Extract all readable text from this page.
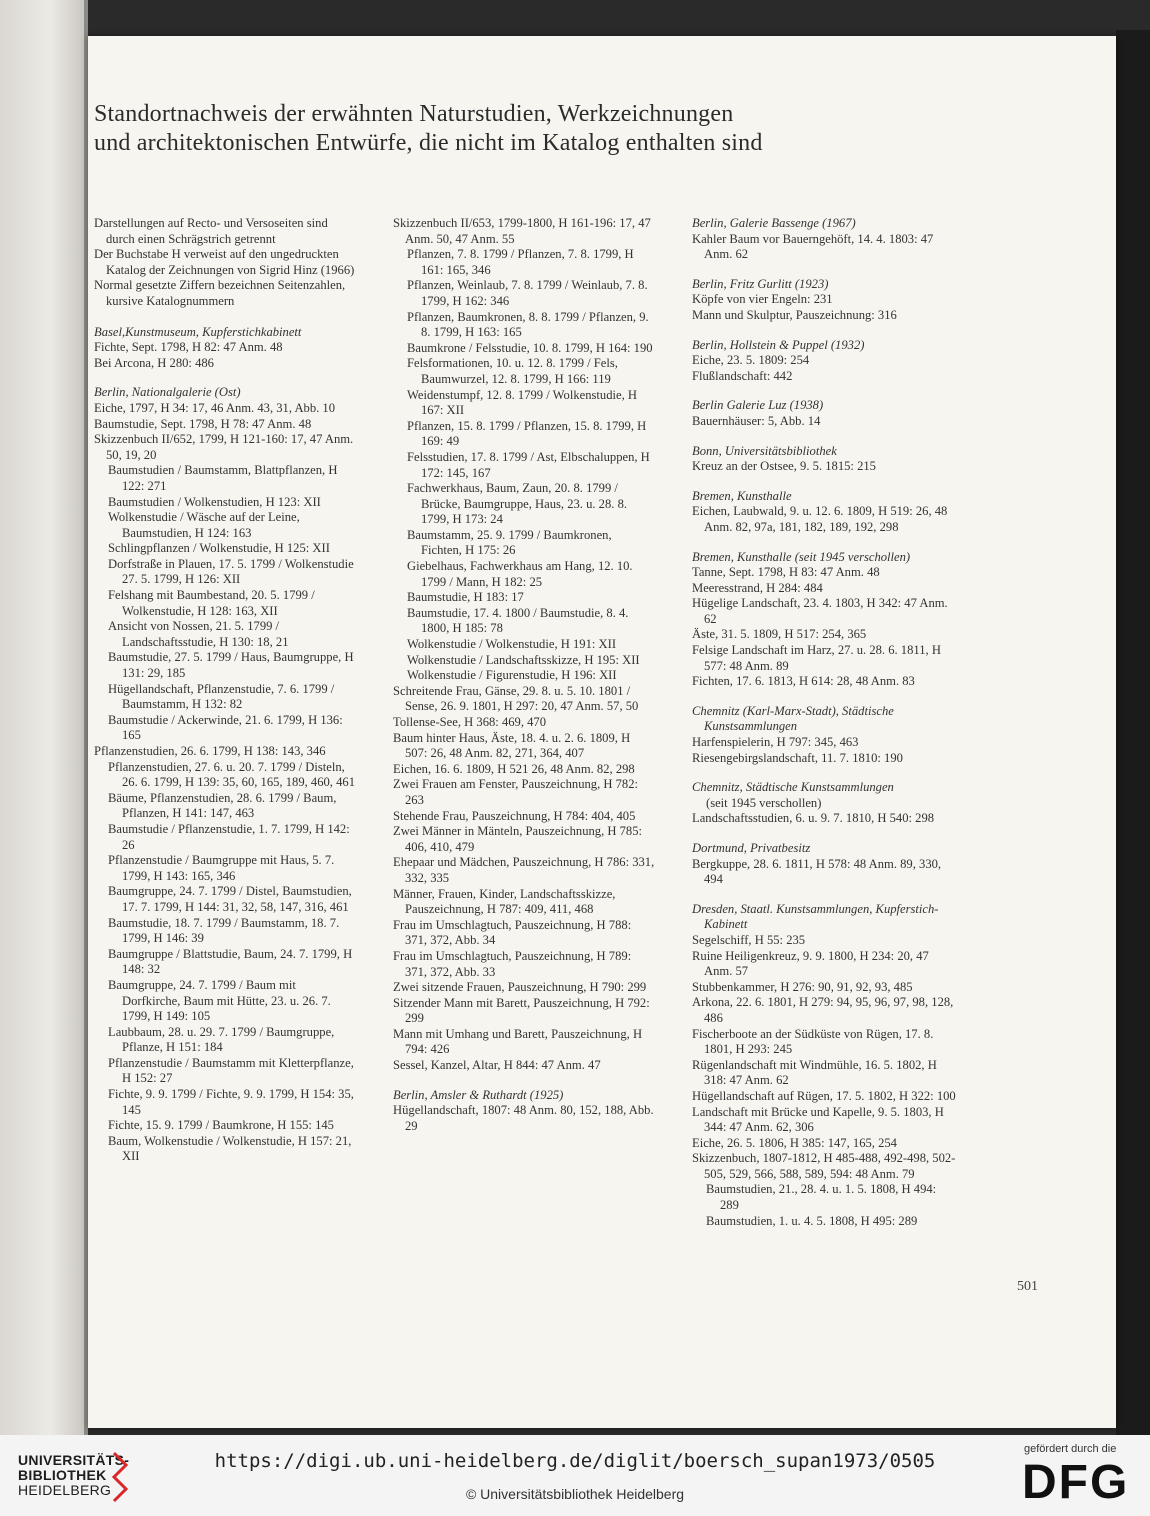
Standortnachweis der erwähnten Naturstudien, Werkzeichnungen
und architektonischen Entwürfe, die nicht im Katalog enthalten sind

Darstellungen auf Recto- und Versoseiten sind durch einen Schrägstrich getrennt

Der Buchstabe H verweist auf den ungedruckten Katalog der Zeichnungen von Sigrid Hinz (1966)

Normal gesetzte Ziffern bezeichnen Seitenzahlen, kursive Katalognummern

Basel,Kunstmuseum, Kupferstichkabinett

Fichte, Sept. 1798, H 82: 47 Anm. 48

Bei Arcona, H 280: 486

Berlin, Nationalgalerie (Ost)

Eiche, 1797, H 34: 17, 46 Anm. 43, 31, Abb. 10

Baumstudie, Sept. 1798, H 78: 47 Anm. 48

Skizzenbuch II/652, 1799, H 121-160: 17, 47 Anm. 50, 19, 20

Baumstudien / Baumstamm, Blattpflanzen, H 122: 271

Baumstudien / Wolkenstudien, H 123: XII

Wolkenstudie / Wäsche auf der Leine, Baumstudien, H 124: 163

Schlingpflanzen / Wolkenstudie, H 125: XII

Dorfstraße in Plauen, 17. 5. 1799 / Wolkenstudie 27. 5. 1799, H 126: XII

Felshang mit Baumbestand, 20. 5. 1799 / Wolkenstudie, H 128: 163, XII

Ansicht von Nossen, 21. 5. 1799 / Landschaftsstudie, H 130: 18, 21

Baumstudie, 27. 5. 1799 / Haus, Baumgruppe, H 131: 29, 185

Hügellandschaft, Pflanzenstudie, 7. 6. 1799 / Baumstamm, H 132: 82

Baumstudie / Ackerwinde, 21. 6. 1799, H 136: 165

Pflanzenstudien, 26. 6. 1799, H 138: 143, 346

Pflanzenstudien, 27. 6. u. 20. 7. 1799 / Disteln, 26. 6. 1799, H 139: 35, 60, 165, 189, 460, 461

Bäume, Pflanzenstudien, 28. 6. 1799 / Baum, Pflanzen, H 141: 147, 463

Baumstudie / Pflanzenstudie, 1. 7. 1799, H 142: 26

Pflanzenstudie / Baumgruppe mit Haus, 5. 7. 1799, H 143: 165, 346

Baumgruppe, 24. 7. 1799 / Distel, Baumstudien, 17. 7. 1799, H 144: 31, 32, 58, 147, 316, 461

Baumstudie, 18. 7. 1799 / Baumstamm, 18. 7. 1799, H 146: 39

Baumgruppe / Blattstudie, Baum, 24. 7. 1799, H 148: 32

Baumgruppe, 24. 7. 1799 / Baum mit Dorfkirche, Baum mit Hütte, 23. u. 26. 7. 1799, H 149: 105

Laubbaum, 28. u. 29. 7. 1799 / Baumgruppe, Pflanze, H 151: 184

Pflanzenstudie / Baumstamm mit Kletterpflanze, H 152: 27

Fichte, 9. 9. 1799 / Fichte, 9. 9. 1799, H 154: 35, 145

Fichte, 15. 9. 1799 / Baumkrone, H 155: 145

Baum, Wolkenstudie / Wolkenstudie, H 157: 21, XII

Skizzenbuch II/653, 1799-1800, H 161-196: 17, 47 Anm. 50, 47 Anm. 55

Pflanzen, 7. 8. 1799 / Pflanzen, 7. 8. 1799, H 161: 165, 346

Pflanzen, Weinlaub, 7. 8. 1799 / Weinlaub, 7. 8. 1799, H 162: 346

Pflanzen, Baumkronen, 8. 8. 1799 / Pflanzen, 9. 8. 1799, H 163: 165

Baumkrone / Felsstudie, 10. 8. 1799, H 164: 190

Felsformationen, 10. u. 12. 8. 1799 / Fels, Baumwurzel, 12. 8. 1799, H 166: 119

Weidenstumpf, 12. 8. 1799 / Wolkenstudie, H 167: XII

Pflanzen, 15. 8. 1799 / Pflanzen, 15. 8. 1799, H 169: 49

Felsstudien, 17. 8. 1799 / Ast, Elbschaluppen, H 172: 145, 167

Fachwerkhaus, Baum, Zaun, 20. 8. 1799 / Brücke, Baumgruppe, Haus, 23. u. 28. 8. 1799, H 173: 24

Baumstamm, 25. 9. 1799 / Baumkronen, Fichten, H 175: 26

Giebelhaus, Fachwerkhaus am Hang, 12. 10. 1799 / Mann, H 182: 25

Baumstudie, H 183: 17

Baumstudie, 17. 4. 1800 / Baumstudie, 8. 4. 1800, H 185: 78

Wolkenstudie / Wolkenstudie, H 191: XII

Wolkenstudie / Landschaftsskizze, H 195: XII

Wolkenstudie / Figurenstudie, H 196: XII

Schreitende Frau, Gänse, 29. 8. u. 5. 10. 1801 / Sense, 26. 9. 1801, H 297: 20, 47 Anm. 57, 50

Tollense-See, H 368: 469, 470

Baum hinter Haus, Äste, 18. 4. u. 2. 6. 1809, H 507: 26, 48 Anm. 82, 271, 364, 407

Eichen, 16. 6. 1809, H 521 26, 48 Anm. 82, 298

Zwei Frauen am Fenster, Pauszeichnung, H 782: 263

Stehende Frau, Pauszeichnung, H 784: 404, 405

Zwei Männer in Mänteln, Pauszeichnung, H 785: 406, 410, 479

Ehepaar und Mädchen, Pauszeichnung, H 786: 331, 332, 335

Männer, Frauen, Kinder, Landschaftsskizze, Pauszeichnung, H 787: 409, 411, 468

Frau im Umschlagtuch, Pauszeichnung, H 788: 371, 372, Abb. 34

Frau im Umschlagtuch, Pauszeichnung, H 789: 371, 372, Abb. 33

Zwei sitzende Frauen, Pauszeichnung, H 790: 299

Sitzender Mann mit Barett, Pauszeichnung, H 792: 299

Mann mit Umhang und Barett, Pauszeichnung, H 794: 426

Sessel, Kanzel, Altar, H 844: 47 Anm. 47

Berlin, Amsler & Ruthardt (1925)

Hügellandschaft, 1807: 48 Anm. 80, 152, 188, Abb. 29

Berlin, Galerie Bassenge (1967)

Kahler Baum vor Bauerngehöft, 14. 4. 1803: 47 Anm. 62

Berlin, Fritz Gurlitt (1923)

Köpfe von vier Engeln: 231

Mann und Skulptur, Pauszeichnung: 316

Berlin, Hollstein & Puppel (1932)

Eiche, 23. 5. 1809: 254

Flußlandschaft: 442

Berlin Galerie Luz (1938)

Bauernhäuser: 5, Abb. 14

Bonn, Universitätsbibliothek

Kreuz an der Ostsee, 9. 5. 1815: 215

Bremen, Kunsthalle

Eichen, Laubwald, 9. u. 12. 6. 1809, H 519: 26, 48 Anm. 82, 97a, 181, 182, 189, 192, 298

Bremen, Kunsthalle (seit 1945 verschollen)

Tanne, Sept. 1798, H 83: 47 Anm. 48

Meeresstrand, H 284: 484

Hügelige Landschaft, 23. 4. 1803, H 342: 47 Anm. 62

Äste, 31. 5. 1809, H 517: 254, 365

Felsige Landschaft im Harz, 27. u. 28. 6. 1811, H 577: 48 Anm. 89

Fichten, 17. 6. 1813, H 614: 28, 48 Anm. 83

Chemnitz (Karl-Marx-Stadt), Städtische Kunstsammlungen

Harfenspielerin, H 797: 345, 463

Riesengebirgslandschaft, 11. 7. 1810: 190

Chemnitz, Städtische Kunstsammlungen

(seit 1945 verschollen)

Landschaftsstudien, 6. u. 9. 7. 1810, H 540: 298

Dortmund, Privatbesitz

Bergkuppe, 28. 6. 1811, H 578: 48 Anm. 89, 330, 494

Dresden, Staatl. Kunstsammlungen, Kupferstich-Kabinett

Segelschiff, H 55: 235

Ruine Heiligenkreuz, 9. 9. 1800, H 234: 20, 47 Anm. 57

Stubbenkammer, H 276: 90, 91, 92, 93, 485

Arkona, 22. 6. 1801, H 279: 94, 95, 96, 97, 98, 128, 486

Fischerboote an der Südküste von Rügen, 17. 8. 1801, H 293: 245

Rügenlandschaft mit Windmühle, 16. 5. 1802, H 318: 47 Anm. 62

Hügellandschaft auf Rügen, 17. 5. 1802, H 322: 100

Landschaft mit Brücke und Kapelle, 9. 5. 1803, H 344: 47 Anm. 62, 306

Eiche, 26. 5. 1806, H 385: 147, 165, 254

Skizzenbuch, 1807-1812, H 485-488, 492-498, 502-505, 529, 566, 588, 589, 594: 48 Anm. 79

Baumstudien, 21., 28. 4. u. 1. 5. 1808, H 494: 289

Baumstudien, 1. u. 4. 5. 1808, H 495: 289

501
UNIVERSITÄTS-
BIBLIOTHEK
HEIDELBERG
https://digi.ub.uni-heidelberg.de/diglit/boersch_supan1973/0505
© Universitätsbibliothek Heidelberg
gefördert durch die
DFG
